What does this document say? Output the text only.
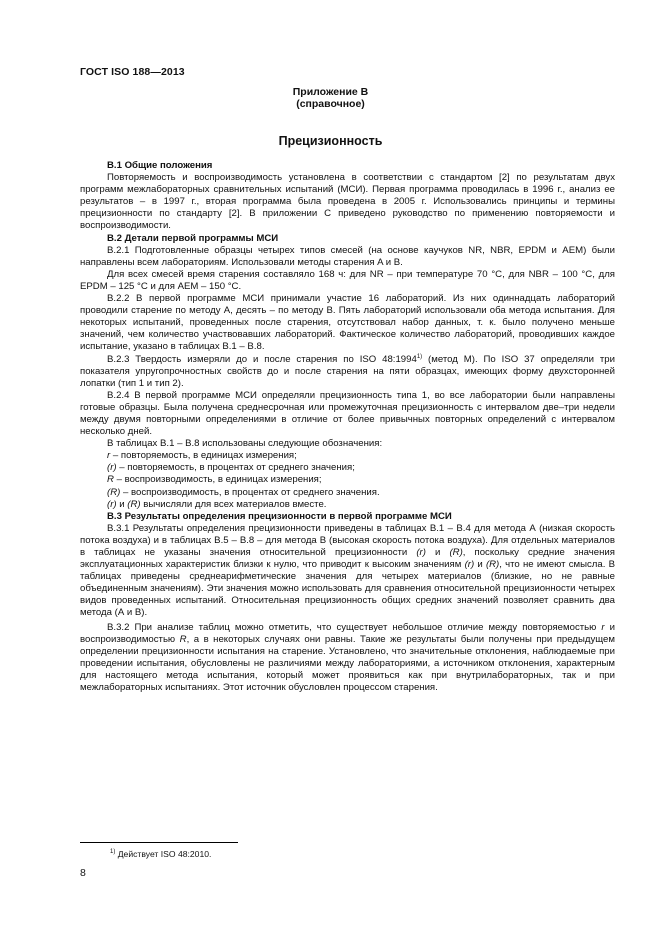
ГОСТ ISO 188—2013
Приложение В
(справочное)
Прецизионность

В.1 Общие положения

Повторяемость и воспроизводимость установлена в соответствии с стандартом [2] по результатам двух программ межлабораторных сравнительных испытаний (МСИ). Первая программа проводилась в 1996 г., анализ ее результатов – в 1997 г., вторая программа была проведена в 2005 г. Использовались принципы и термины прецизионности по стандарту [2]. В приложении С приведено руководство по применению повторяемости и воспроизводимости.

В.2 Детали первой программы МСИ

В.2.1 Подготовленные образцы четырех типов смесей (на основе каучуков NR, NBR, EPDM и AEM) были направлены всем лабораториям. Использовали методы старения A и B.

Для всех смесей время старения составляло 168 ч: для NR – при температуре 70 °С, для NBR – 100 °С, для EPDM – 125 °С и для AEM – 150 °С.

В.2.2 В первой программе МСИ принимали участие 16 лабораторий. Из них одиннадцать лабораторий проводили старение по методу A, десять – по методу B. Пять лабораторий использовали оба метода испытания. Для некоторых испытаний, проведенных после старения, отсутствовал набор данных, т. к. было получено меньше значений, чем количество участвовавших лабораторий. Фактическое количество лабораторий, проводивших каждое испытание, указано в таблицах В.1 – В.8.

В.2.3 Твердость измеряли до и после старения по ISO 48:1994$^{1)}$ (метод M). По ISO 37 определяли три показателя упругопрочностных свойств до и после старения на пяти образцах, имеющих форму двухсторонней лопатки (тип 1 и тип 2).

В.2.4 В первой программе МСИ определяли прецизионность типа 1, во все лаборатории были направлены готовые образцы. Была получена среднесрочная или промежуточная прецизионность с интервалом две–три недели между двумя повторными определениями в отличие от более привычных повторных определений с интервалом несколько дней.

В таблицах В.1 – В.8 использованы следующие обозначения:

r – повторяемость, в единицах измерения;

(r) – повторяемость, в процентах от среднего значения;

R – воспроизводимость, в единицах измерения;

(R) – воспроизводимость, в процентах от среднего значения.

(r) и (R) вычисляли для всех материалов вместе.

В.3 Результаты определения прецизионности в первой программе МСИ

В.3.1 Результаты определения прецизионности приведены в таблицах В.1 – В.4 для метода А (низкая скорость потока воздуха) и в таблицах В.5 – В.8 – для метода В (высокая скорость потока воздуха). Для отдельных материалов в таблицах не указаны значения относительной прецизионности (r) и (R), поскольку средние значения эксплуатационных характеристик близки к нулю, что приводит к высоким значениям (r) и (R), что не имеют смысла. В таблицах приведены среднеарифметические значения для четырех материалов (близкие, но не равные объединенным значениям). Эти значения можно использовать для сравнения относительной прецизионности четырех видов проведенных испытаний. Относительная прецизионность общих средних значений позволяет сравнить два метода (А и В).

В.3.2 При анализе таблиц можно отметить, что существует небольшое отличие между повторяемостью r и воспроизводимостью R, а в некоторых случаях они равны. Такие же результаты были получены при предыдущем определении прецизионности испытания на старение. Установлено, что значительные отклонения, наблюдаемые при проведении испытания, обусловлены не различиями между лабораториями, а источником отклонения, характерным для настоящего метода испытания, который может проявиться как при внутрилабораторных, так и при межлабораторных испытаниях. Этот источник обусловлен процессом старения.

$^{1)}$ Действует ISO 48:2010.
8
